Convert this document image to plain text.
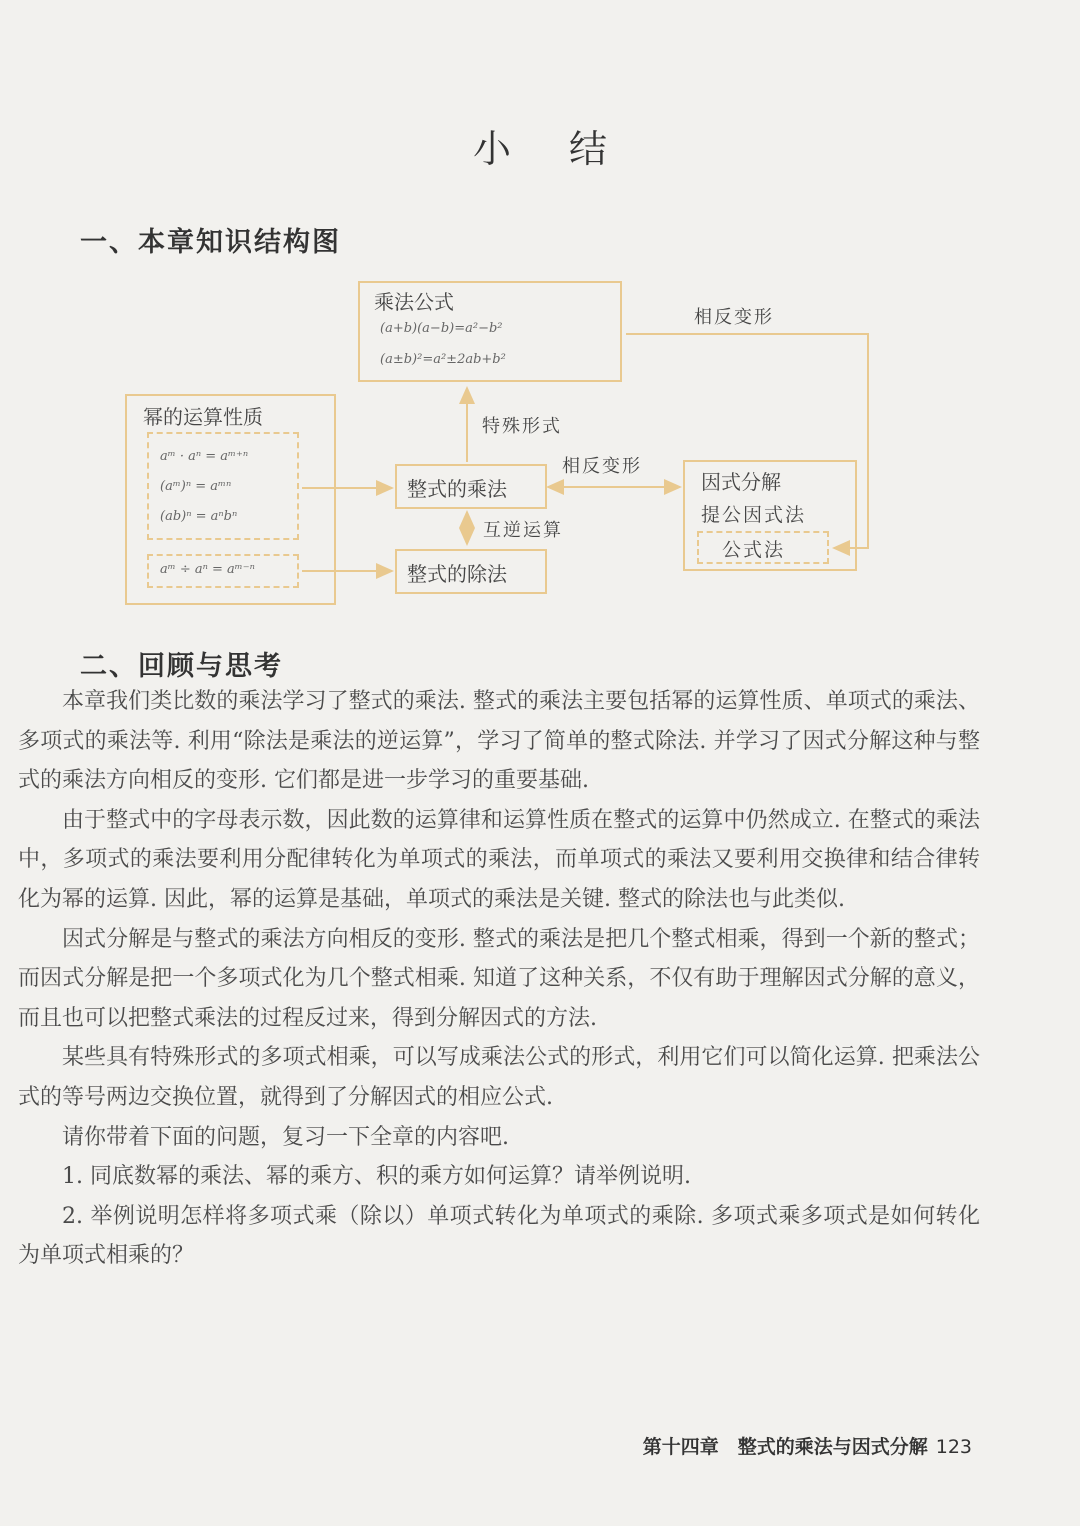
小结
一、本章知识结构图
乘法公式
(a+b)(a−b)=a²−b²
(a±b)²=a²±2ab+b²
幂的运算性质
aᵐ · aⁿ = aᵐ⁺ⁿ
(aᵐ)ⁿ = aᵐⁿ
(ab)ⁿ = aⁿbⁿ
aᵐ ÷ aⁿ = aᵐ⁻ⁿ
整式的乘法
整式的除法
因式分解
提公因式法
公式法
特殊形式
相反变形
相反变形
互逆运算
二、回顾与思考

本章我们类比数的乘法学习了整式的乘法. 整式的乘法主要包括幂的运算性质、单项式的乘法、多项式的乘法等. 利用“除法是乘法的逆运算”，学习了简单的整式除法. 并学习了因式分解这种与整式的乘法方向相反的变形. 它们都是进一步学习的重要基础.

由于整式中的字母表示数，因此数的运算律和运算性质在整式的运算中仍然成立. 在整式的乘法中，多项式的乘法要利用分配律转化为单项式的乘法，而单项式的乘法又要利用交换律和结合律转化为幂的运算. 因此，幂的运算是基础，单项式的乘法是关键. 整式的除法也与此类似.

因式分解是与整式的乘法方向相反的变形. 整式的乘法是把几个整式相乘，得到一个新的整式；而因式分解是把一个多项式化为几个整式相乘. 知道了这种关系，不仅有助于理解因式分解的意义，而且也可以把整式乘法的过程反过来，得到分解因式的方法.

某些具有特殊形式的多项式相乘，可以写成乘法公式的形式，利用它们可以简化运算. 把乘法公式的等号两边交换位置，就得到了分解因式的相应公式.

请你带着下面的问题，复习一下全章的内容吧.

1. 同底数幂的乘法、幂的乘方、积的乘方如何运算？请举例说明.

2. 举例说明怎样将多项式乘（除以）单项式转化为单项式的乘除. 多项式乘多项式是如何转化为单项式相乘的？

第十四章　整式的乘法与因式分解 123
